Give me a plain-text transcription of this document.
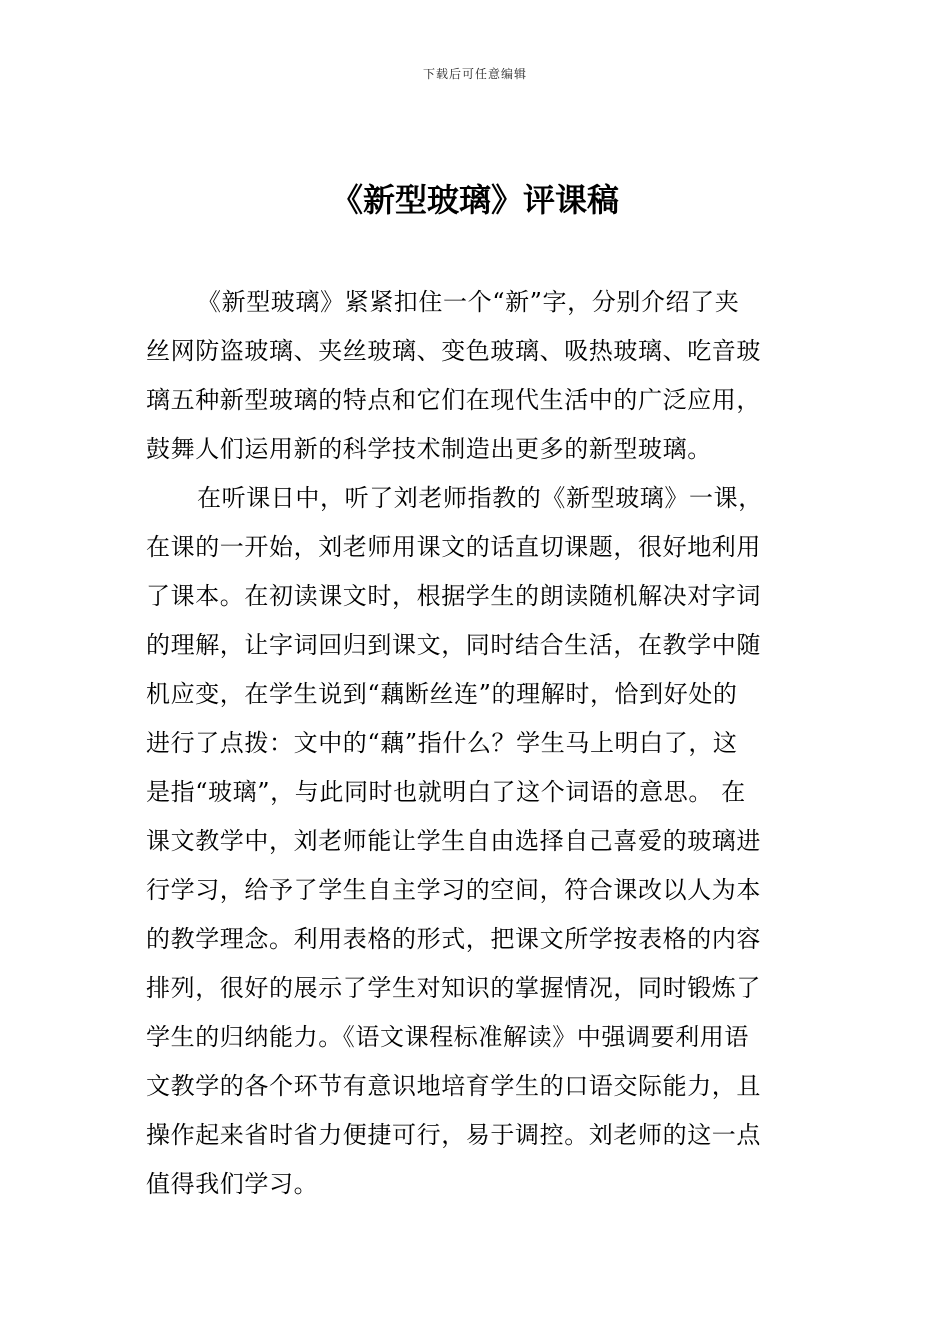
下载后可任意编辑
《新型玻璃》评课稿
《新型玻璃》紧紧扣住一个“新”字，分别介绍了夹
丝网防盗玻璃、夹丝玻璃、变色玻璃、吸热玻璃、吃音玻
璃五种新型玻璃的特点和它们在现代生活中的广泛应用，
鼓舞人们运用新的科学技术制造出更多的新型玻璃。
在听课日中，听了刘老师指教的《新型玻璃》一课，
在课的一开始，刘老师用课文的话直切课题，很好地利用
了课本。在初读课文时，根据学生的朗读随机解决对字词
的理解，让字词回归到课文，同时结合生活，在教学中随
机应变，在学生说到“藕断丝连”的理解时，恰到好处的
进行了点拨：文中的“藕”指什么？学生马上明白了，这
是指“玻璃”，与此同时也就明白了这个词语的意思。 在
课文教学中，刘老师能让学生自由选择自己喜爱的玻璃进
行学习，给予了学生自主学习的空间，符合课改以人为本
的教学理念。利用表格的形式，把课文所学按表格的内容
排列，很好的展示了学生对知识的掌握情况，同时锻炼了
学生的归纳能力。《语文课程标准解读》中强调要利用语
文教学的各个环节有意识地培育学生的口语交际能力，且
操作起来省时省力便捷可行，易于调控。刘老师的这一点
值得我们学习。
